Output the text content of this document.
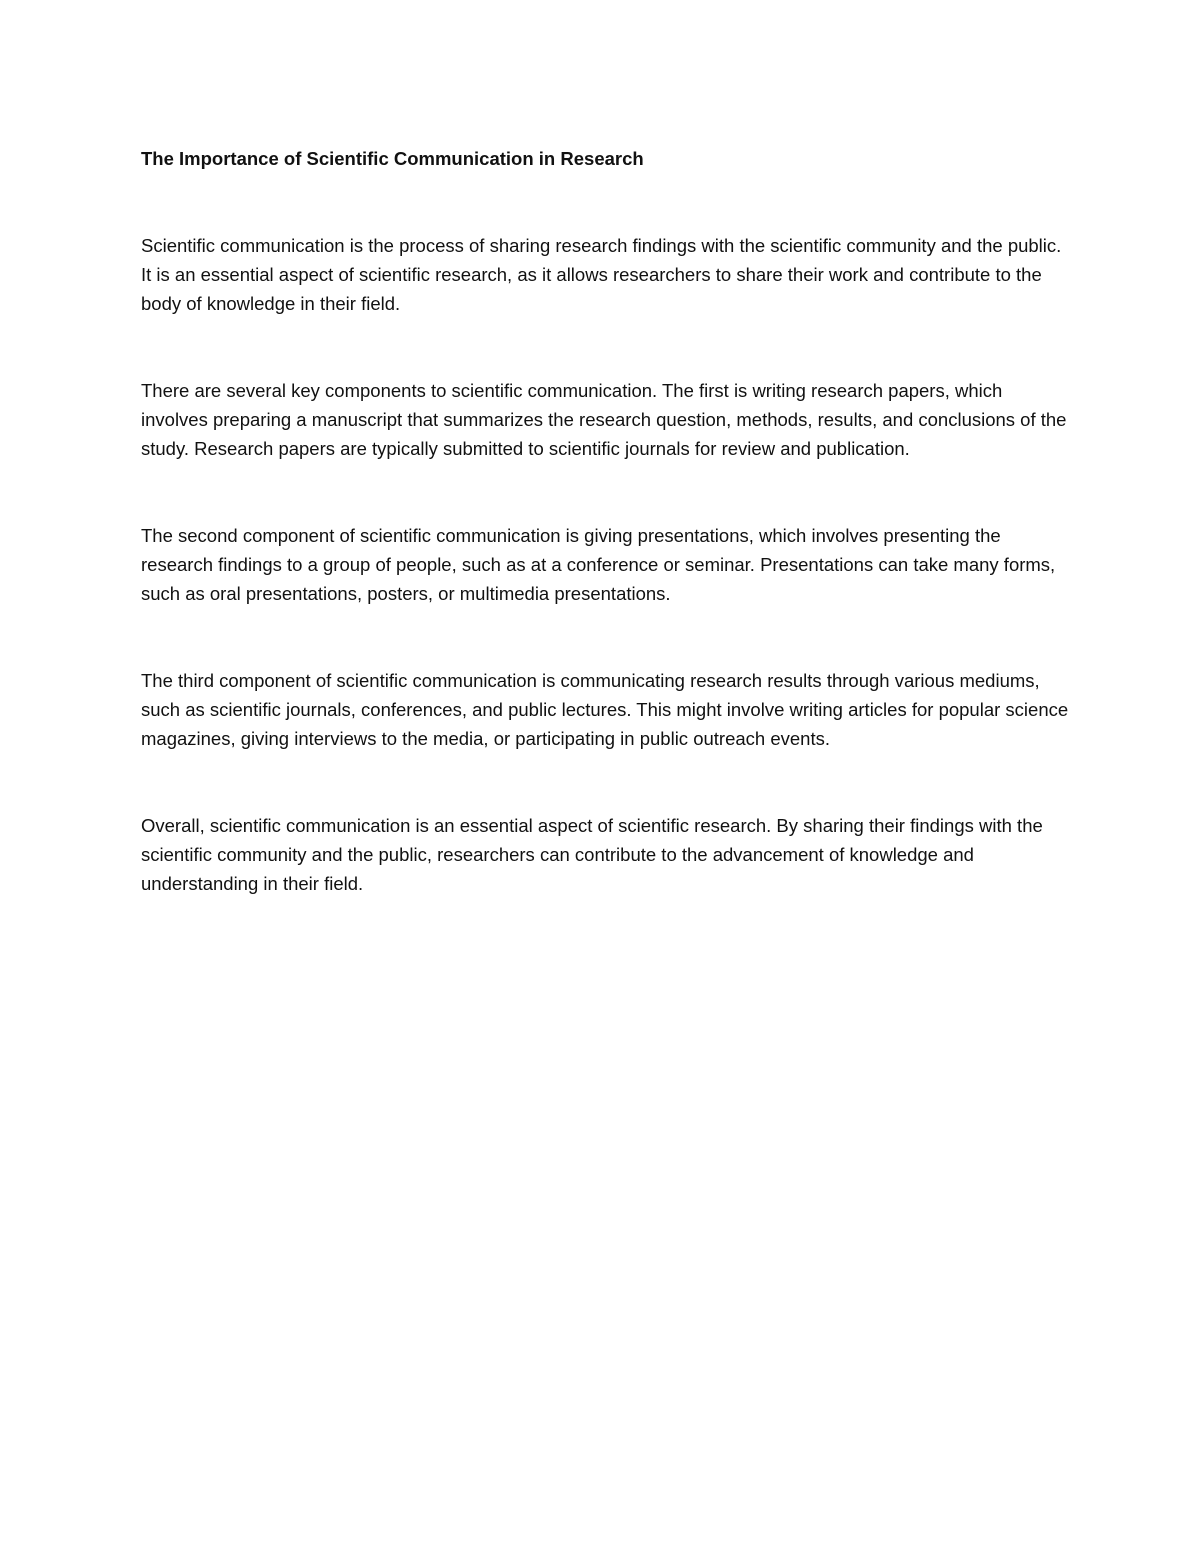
The Importance of Scientific Communication in Research

Scientific communication is the process of sharing research findings with the scientific community and the public. It is an essential aspect of scientific research, as it allows researchers to share their work and contribute to the body of knowledge in their field.

There are several key components to scientific communication. The first is writing research papers, which involves preparing a manuscript that summarizes the research question, methods, results, and conclusions of the study. Research papers are typically submitted to scientific journals for review and publication.

The second component of scientific communication is giving presentations, which involves presenting the research findings to a group of people, such as at a conference or seminar. Presentations can take many forms, such as oral presentations, posters, or multimedia presentations.

The third component of scientific communication is communicating research results through various mediums, such as scientific journals, conferences, and public lectures. This might involve writing articles for popular science magazines, giving interviews to the media, or participating in public outreach events.

Overall, scientific communication is an essential aspect of scientific research. By sharing their findings with the scientific community and the public, researchers can contribute to the advancement of knowledge and understanding in their field.
